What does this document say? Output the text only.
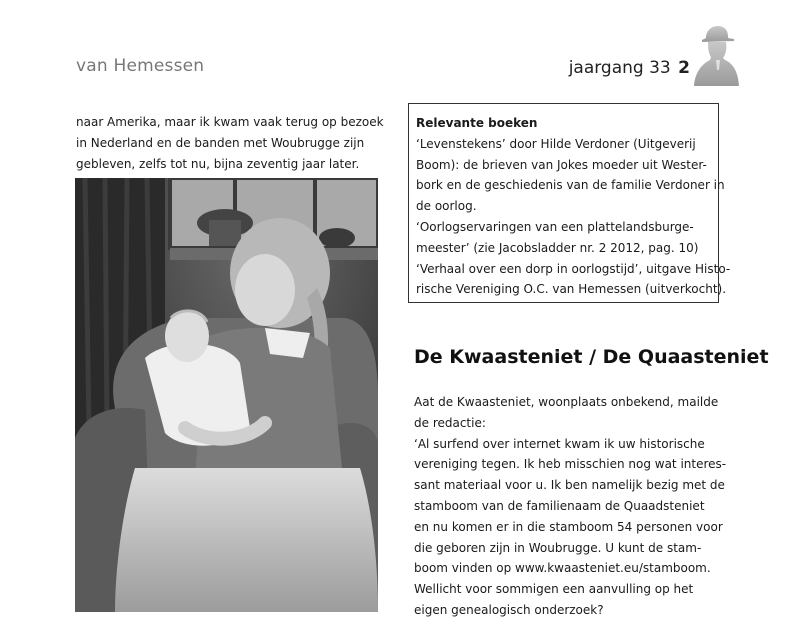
van Hemessen	jaargang 33 2
naar Amerika, maar ik kwam vaak terug op bezoek
in Nederland en de banden met Woubrugge zijn
gebleven, zelfs tot nu, bijna zeventig jaar later.
Relevante boeken
‘Levenstekens’ door Hilde Verdoner (Uitgeverij
Boom): de brieven van Jokes moeder uit Wester-
bork en de geschiedenis van de familie Verdoner in
de oorlog.
‘Oorlogservaringen van een plattelandsburge-
meester’ (zie Jacobsladder nr. 2 2012, pag. 10)
‘Verhaal over een dorp in oorlogstijd’, uitgave Histo-
rische Vereniging O.C. van Hemessen (uitverkocht).
De Kwaasteniet / De Quaasteniet
Aat de Kwaasteniet, woonplaats onbekend, mailde
de redactie:
‘Al surfend over internet kwam ik uw historische
vereniging tegen. Ik heb misschien nog wat interes-
sant materiaal voor u. Ik ben namelijk bezig met de
stamboom van de familienaam de Quaadsteniet
en nu komen er in die stamboom 54 personen voor
die geboren zijn in Woubrugge. U kunt de stam-
boom vinden op www.kwaasteniet.eu/stamboom.
Wellicht voor sommigen een aanvulling op het
eigen genealogisch onderzoek?
